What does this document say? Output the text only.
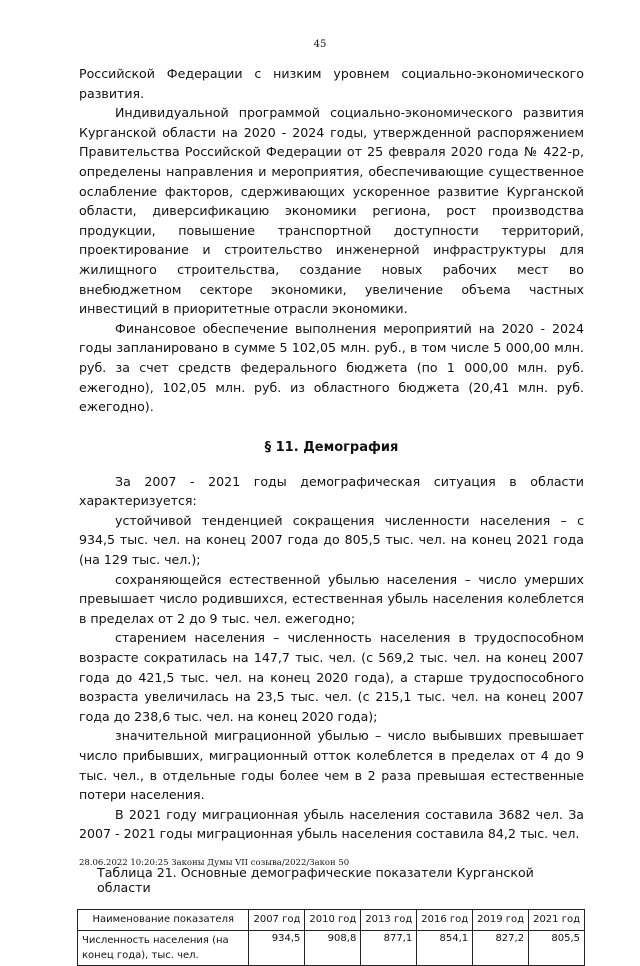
45

Российской Федерации с низким уровнем социально-экономического развития.

Индивидуальной программой социально-экономического развития Курганской области на 2020 - 2024 годы, утвержденной распоряжением Правительства Российской Федерации от 25 февраля 2020 года № 422-р, определены направления и мероприятия, обеспечивающие существенное ослабление факторов, сдерживающих ускоренное развитие Курганской области, диверсификацию экономики региона, рост производства продукции, повышение транспортной доступности территорий, проектирование и строительство инженерной инфраструктуры для жилищного строительства, создание новых рабочих мест во внебюджетном секторе экономики, увеличение объема частных инвестиций в приоритетные отрасли экономики.

Финансовое обеспечение выполнения мероприятий на 2020 - 2024 годы запланировано в сумме 5 102,05 млн. руб., в том числе 5 000,00 млн. руб. за счет средств федерального бюджета (по 1 000,00 млн. руб. ежегодно), 102,05 млн. руб. из областного бюджета (20,41 млн. руб. ежегодно).

§ 11. Демография

За 2007 - 2021 годы демографическая ситуация в области характеризуется:

устойчивой тенденцией сокращения численности населения – с 934,5 тыс. чел. на конец 2007 года до 805,5 тыс. чел. на конец 2021 года (на 129 тыс. чел.);

сохраняющейся естественной убылью населения – число умерших превышает число родившихся, естественная убыль населения колеблется в пределах от 2 до 9 тыс. чел. ежегодно;

старением населения – численность населения в трудоспособном возрасте сократилась на 147,7 тыс. чел. (с 569,2 тыс. чел. на конец 2007 года до 421,5 тыс. чел. на конец 2020 года), а старше трудоспособного возраста увеличилась на 23,5 тыс. чел. (с 215,1 тыс. чел. на конец 2007 года до 238,6 тыс. чел. на конец 2020 года);

значительной миграционной убылью – число выбывших превышает число прибывших, миграционный отток колеблется в пределах от 4 до 9 тыс. чел., в отдельные годы более чем в 2 раза превышая естественные потери населения.

В 2021 году миграционная убыль населения составила 3682 чел. За 2007 - 2021 годы миграционная убыль населения составила 84,2 тыс. чел.

Таблица 21. Основные демографические показатели Курганской области
Наименование показателя	2007 год	2010 год	2013 год	2016 год	2019 год	2021 год
Численность населения (на конец года), тыс. чел.	934,5	908,8	877,1	854,1	827,2	805,5
28.06.2022 10:20:25 Законы Думы VII созыва/2022/Закон 50
